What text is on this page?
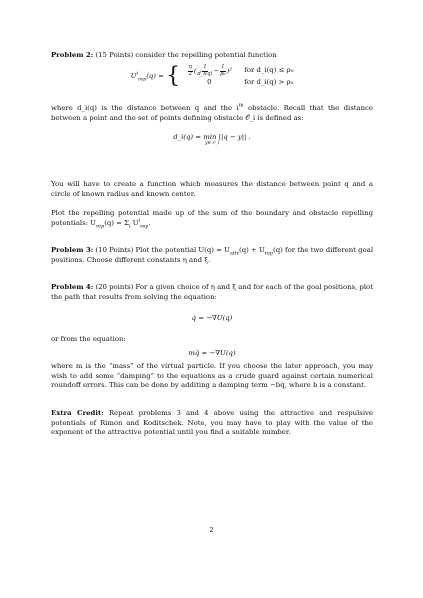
Problem 2: (15 Points) consider the repelling potential function

$U^i_{rep}(q)$ = { $\frac{\eta}{2}$ ( $\frac{1}{d\_i(q)} - \frac{1}{\text{ρ₀}} )^2$	for d_i(q) ≤ ρ₀
0	for d_i(q) > ρ₀

where d_i(q) is the distance between q and the $i^{th}$ obstacle. Recall that the distance between a point and the set of points defining obstacle 𝒪_i is defined as:

d_i(q) = min ||q − y|| .
y∈ 𝒪_i

You will have to create a function which measures the distance between point q and a circle of known radius and known center.

Plot the repelling potential made up of the sum of the boundary and obstacle repelling potentials: $U_{rep}(q) = \Sigma_i$ $U^i_{rep}$.

Problem 3: (10 Points) Plot the potential $U(q) = U_{attr}(q) + U_{rep}(q)$ for the two different goal positions. Choose different constants η and ξ.

Problem 4: (20 points) For a given choice of η and ξ and for each of the goal positions, plot the path that results from solving the equation:

q̇ = −∇U(q)

or from the equation:

mq̈ = −∇U(q)

where m is the “mass” of the virtual particle. If you choose the later approach, you may wish to add some “damping” to the equations as a crude guard against certain numerical roundoff errors. This can be done by additing a damping term −bq̇, where b is a constant.

Extra Credit: Repeat problems 3 and 4 above using the attractive and respulsive potentials of Rimon and Koditschek. Note, you may have to play with the value of the exponent of the attractive potential until you find a suitable number.

2
